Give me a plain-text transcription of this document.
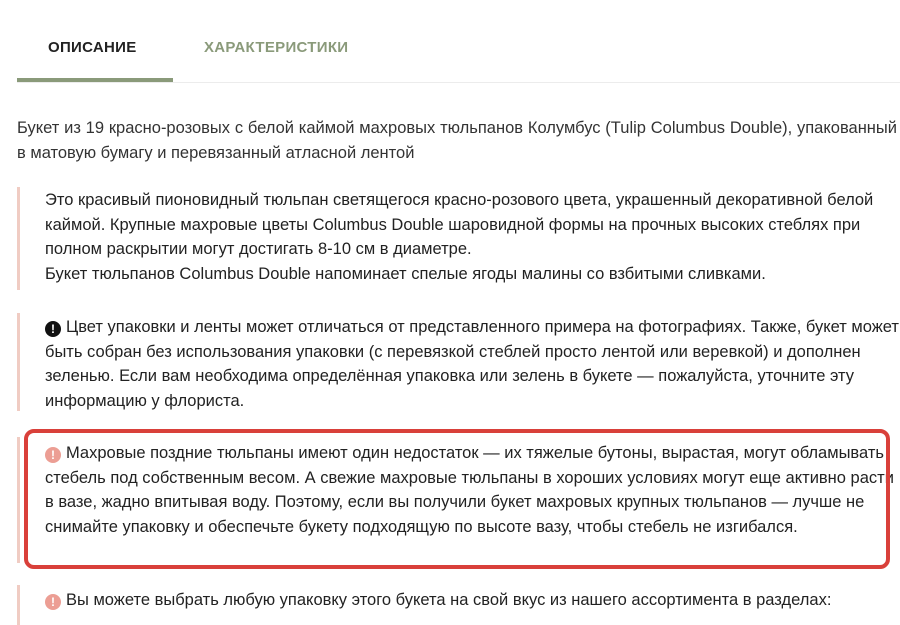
ОПИСАНИЕ	ХАРАКТЕРИСТИКИ
Букет из 19 красно-розовых с белой каймой махровых тюльпанов Колумбус (Tulip Columbus Double), упакованный в матовую бумагу и перевязанный атласной лентой

Это красивый пионовидный тюльпан светящегося красно-розового цвета, украшенный декоративной белой каймой. Крупные махровые цветы Columbus Double шаровидной формы на прочных высоких стеблях при полном раскрытии могут достигать 8-10 см в диаметре.
Букет тюльпанов Columbus Double напоминает спелые ягоды малины со взбитыми сливками.

! Цвет упаковки и ленты может отличаться от представленного примера на фотографиях. Также, букет может быть собран без использования упаковки (с перевязкой стеблей просто лентой или веревкой) и дополнен зеленью. Если вам необходима определённая упаковка или зелень в букете — пожалуйста, уточните эту информацию у флориста.

! Махровые поздние тюльпаны имеют один недостаток — их тяжелые бутоны, вырастая, могут обламывать стебель под собственным весом. А свежие махровые тюльпаны в хороших условиях могут еще активно расти в вазе, жадно впитывая воду. Поэтому, если вы получили букет махровых крупных тюльпанов — лучше не снимайте упаковку и обеспечьте букету подходящую по высоте вазу, чтобы стебель не изгибался.

! Вы можете выбрать любую упаковку этого букета на свой вкус из нашего ассортимента в разделах:
